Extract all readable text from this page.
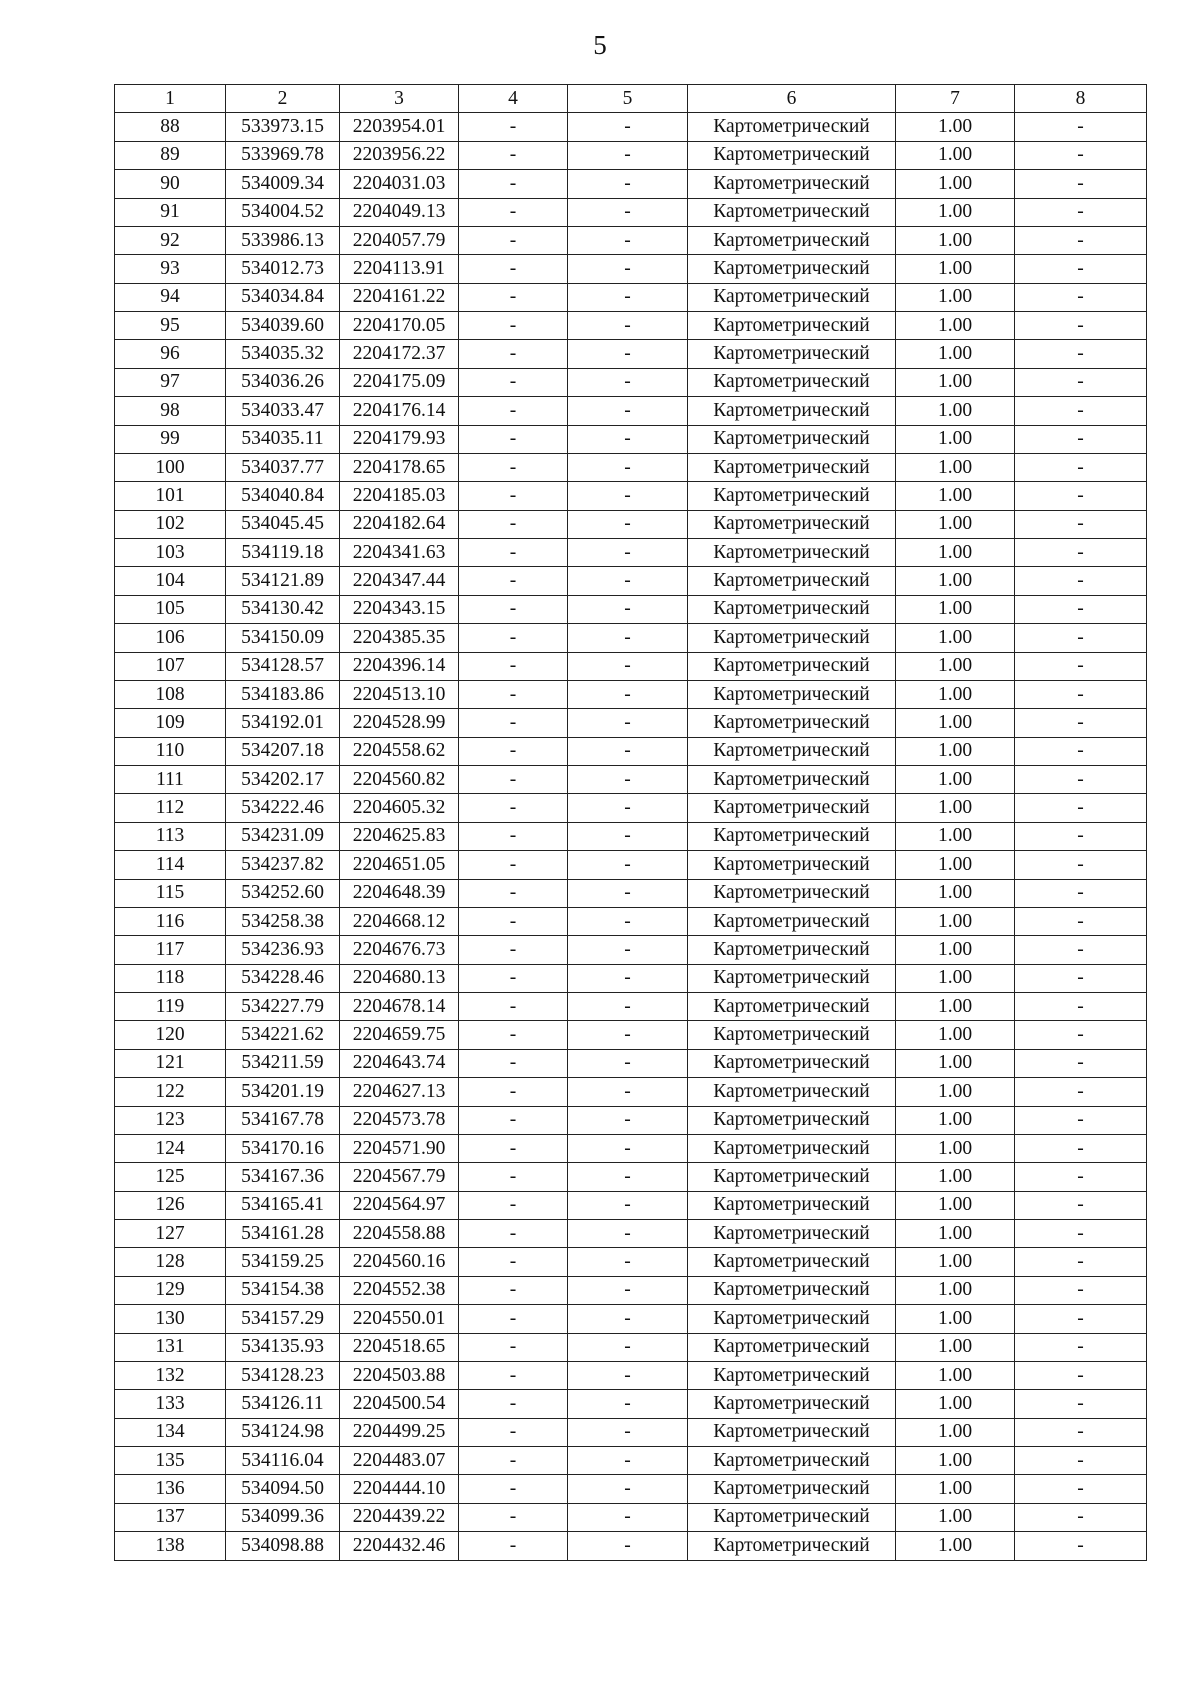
5
1	2	3	4	5	6	7	8
88	533973.15	2203954.01	-	-	Картометрический	1.00	-
89	533969.78	2203956.22	-	-	Картометрический	1.00	-
90	534009.34	2204031.03	-	-	Картометрический	1.00	-
91	534004.52	2204049.13	-	-	Картометрический	1.00	-
92	533986.13	2204057.79	-	-	Картометрический	1.00	-
93	534012.73	2204113.91	-	-	Картометрический	1.00	-
94	534034.84	2204161.22	-	-	Картометрический	1.00	-
95	534039.60	2204170.05	-	-	Картометрический	1.00	-
96	534035.32	2204172.37	-	-	Картометрический	1.00	-
97	534036.26	2204175.09	-	-	Картометрический	1.00	-
98	534033.47	2204176.14	-	-	Картометрический	1.00	-
99	534035.11	2204179.93	-	-	Картометрический	1.00	-
100	534037.77	2204178.65	-	-	Картометрический	1.00	-
101	534040.84	2204185.03	-	-	Картометрический	1.00	-
102	534045.45	2204182.64	-	-	Картометрический	1.00	-
103	534119.18	2204341.63	-	-	Картометрический	1.00	-
104	534121.89	2204347.44	-	-	Картометрический	1.00	-
105	534130.42	2204343.15	-	-	Картометрический	1.00	-
106	534150.09	2204385.35	-	-	Картометрический	1.00	-
107	534128.57	2204396.14	-	-	Картометрический	1.00	-
108	534183.86	2204513.10	-	-	Картометрический	1.00	-
109	534192.01	2204528.99	-	-	Картометрический	1.00	-
110	534207.18	2204558.62	-	-	Картометрический	1.00	-
111	534202.17	2204560.82	-	-	Картометрический	1.00	-
112	534222.46	2204605.32	-	-	Картометрический	1.00	-
113	534231.09	2204625.83	-	-	Картометрический	1.00	-
114	534237.82	2204651.05	-	-	Картометрический	1.00	-
115	534252.60	2204648.39	-	-	Картометрический	1.00	-
116	534258.38	2204668.12	-	-	Картометрический	1.00	-
117	534236.93	2204676.73	-	-	Картометрический	1.00	-
118	534228.46	2204680.13	-	-	Картометрический	1.00	-
119	534227.79	2204678.14	-	-	Картометрический	1.00	-
120	534221.62	2204659.75	-	-	Картометрический	1.00	-
121	534211.59	2204643.74	-	-	Картометрический	1.00	-
122	534201.19	2204627.13	-	-	Картометрический	1.00	-
123	534167.78	2204573.78	-	-	Картометрический	1.00	-
124	534170.16	2204571.90	-	-	Картометрический	1.00	-
125	534167.36	2204567.79	-	-	Картометрический	1.00	-
126	534165.41	2204564.97	-	-	Картометрический	1.00	-
127	534161.28	2204558.88	-	-	Картометрический	1.00	-
128	534159.25	2204560.16	-	-	Картометрический	1.00	-
129	534154.38	2204552.38	-	-	Картометрический	1.00	-
130	534157.29	2204550.01	-	-	Картометрический	1.00	-
131	534135.93	2204518.65	-	-	Картометрический	1.00	-
132	534128.23	2204503.88	-	-	Картометрический	1.00	-
133	534126.11	2204500.54	-	-	Картометрический	1.00	-
134	534124.98	2204499.25	-	-	Картометрический	1.00	-
135	534116.04	2204483.07	-	-	Картометрический	1.00	-
136	534094.50	2204444.10	-	-	Картометрический	1.00	-
137	534099.36	2204439.22	-	-	Картометрический	1.00	-
138	534098.88	2204432.46	-	-	Картометрический	1.00	-
